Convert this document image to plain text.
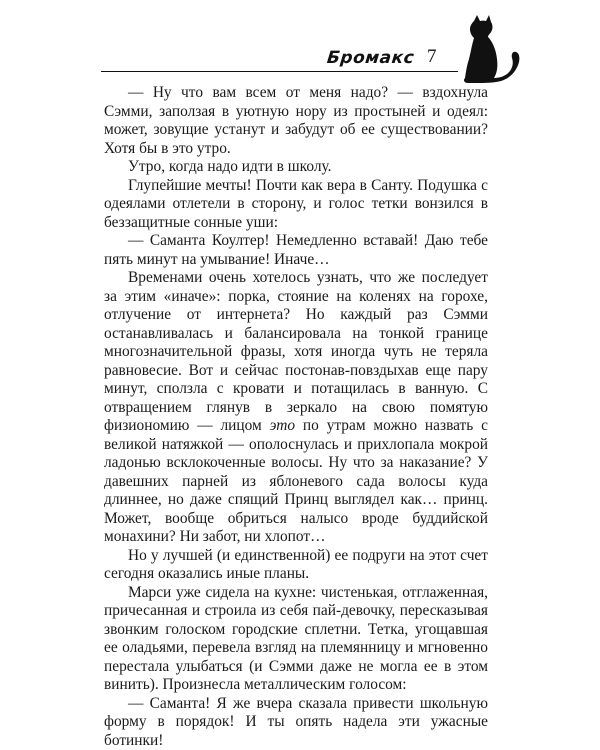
Бромакс 7

— Ну что вам всем от меня надо? — вздохнула Сэмми, заползая в уютную нору из простыней и одеял: может, зовущие устанут и забудут об ее существовании? Хотя бы в это утро.

Утро, когда надо идти в школу.

Глупейшие мечты! Почти как вера в Санту. Подушка с одеялами отлетели в сторону, и голос тетки вонзился в беззащитные сонные уши:

— Саманта Коултер! Немедленно вставай! Даю тебе пять минут на умывание! Иначе…

Временами очень хотелось узнать, что же последует за этим «иначе»: порка, стояние на коленях на горохе, отлучение от интернета? Но каждый раз Сэмми останавливалась и балансировала на тонкой границе многозначительной фразы, хотя иногда чуть не теряла равновесие. Вот и сейчас постонав-повздыхав еще пару минут, сползла с кровати и потащилась в ванную. С отвращением глянув в зеркало на свою помятую физиономию — лицом это по утрам можно назвать с великой натяжкой — ополоснулась и прихлопала мокрой ладонью всклокоченные волосы. Ну что за наказание? У давешних парней из яблоневого сада волосы куда длиннее, но даже спящий Принц выглядел как… принц. Может, вообще обриться налысо вроде буддийской монахини? Ни забот, ни хлопот…

Но у лучшей (и единственной) ее подруги на этот счет сегодня оказались иные планы.

Марси уже сидела на кухне: чистенькая, отглаженная, причесанная и строила из себя пай-девочку, пересказывая звонким голоском городские сплетни. Тетка, угощавшая ее оладьями, перевела взгляд на племянницу и мгновенно перестала улыбаться (и Сэмми даже не могла ее в этом винить). Произнесла металлическим голосом:

— Саманта! Я же вчера сказала привести школьную форму в порядок! И ты опять надела эти ужасные ботинки!
